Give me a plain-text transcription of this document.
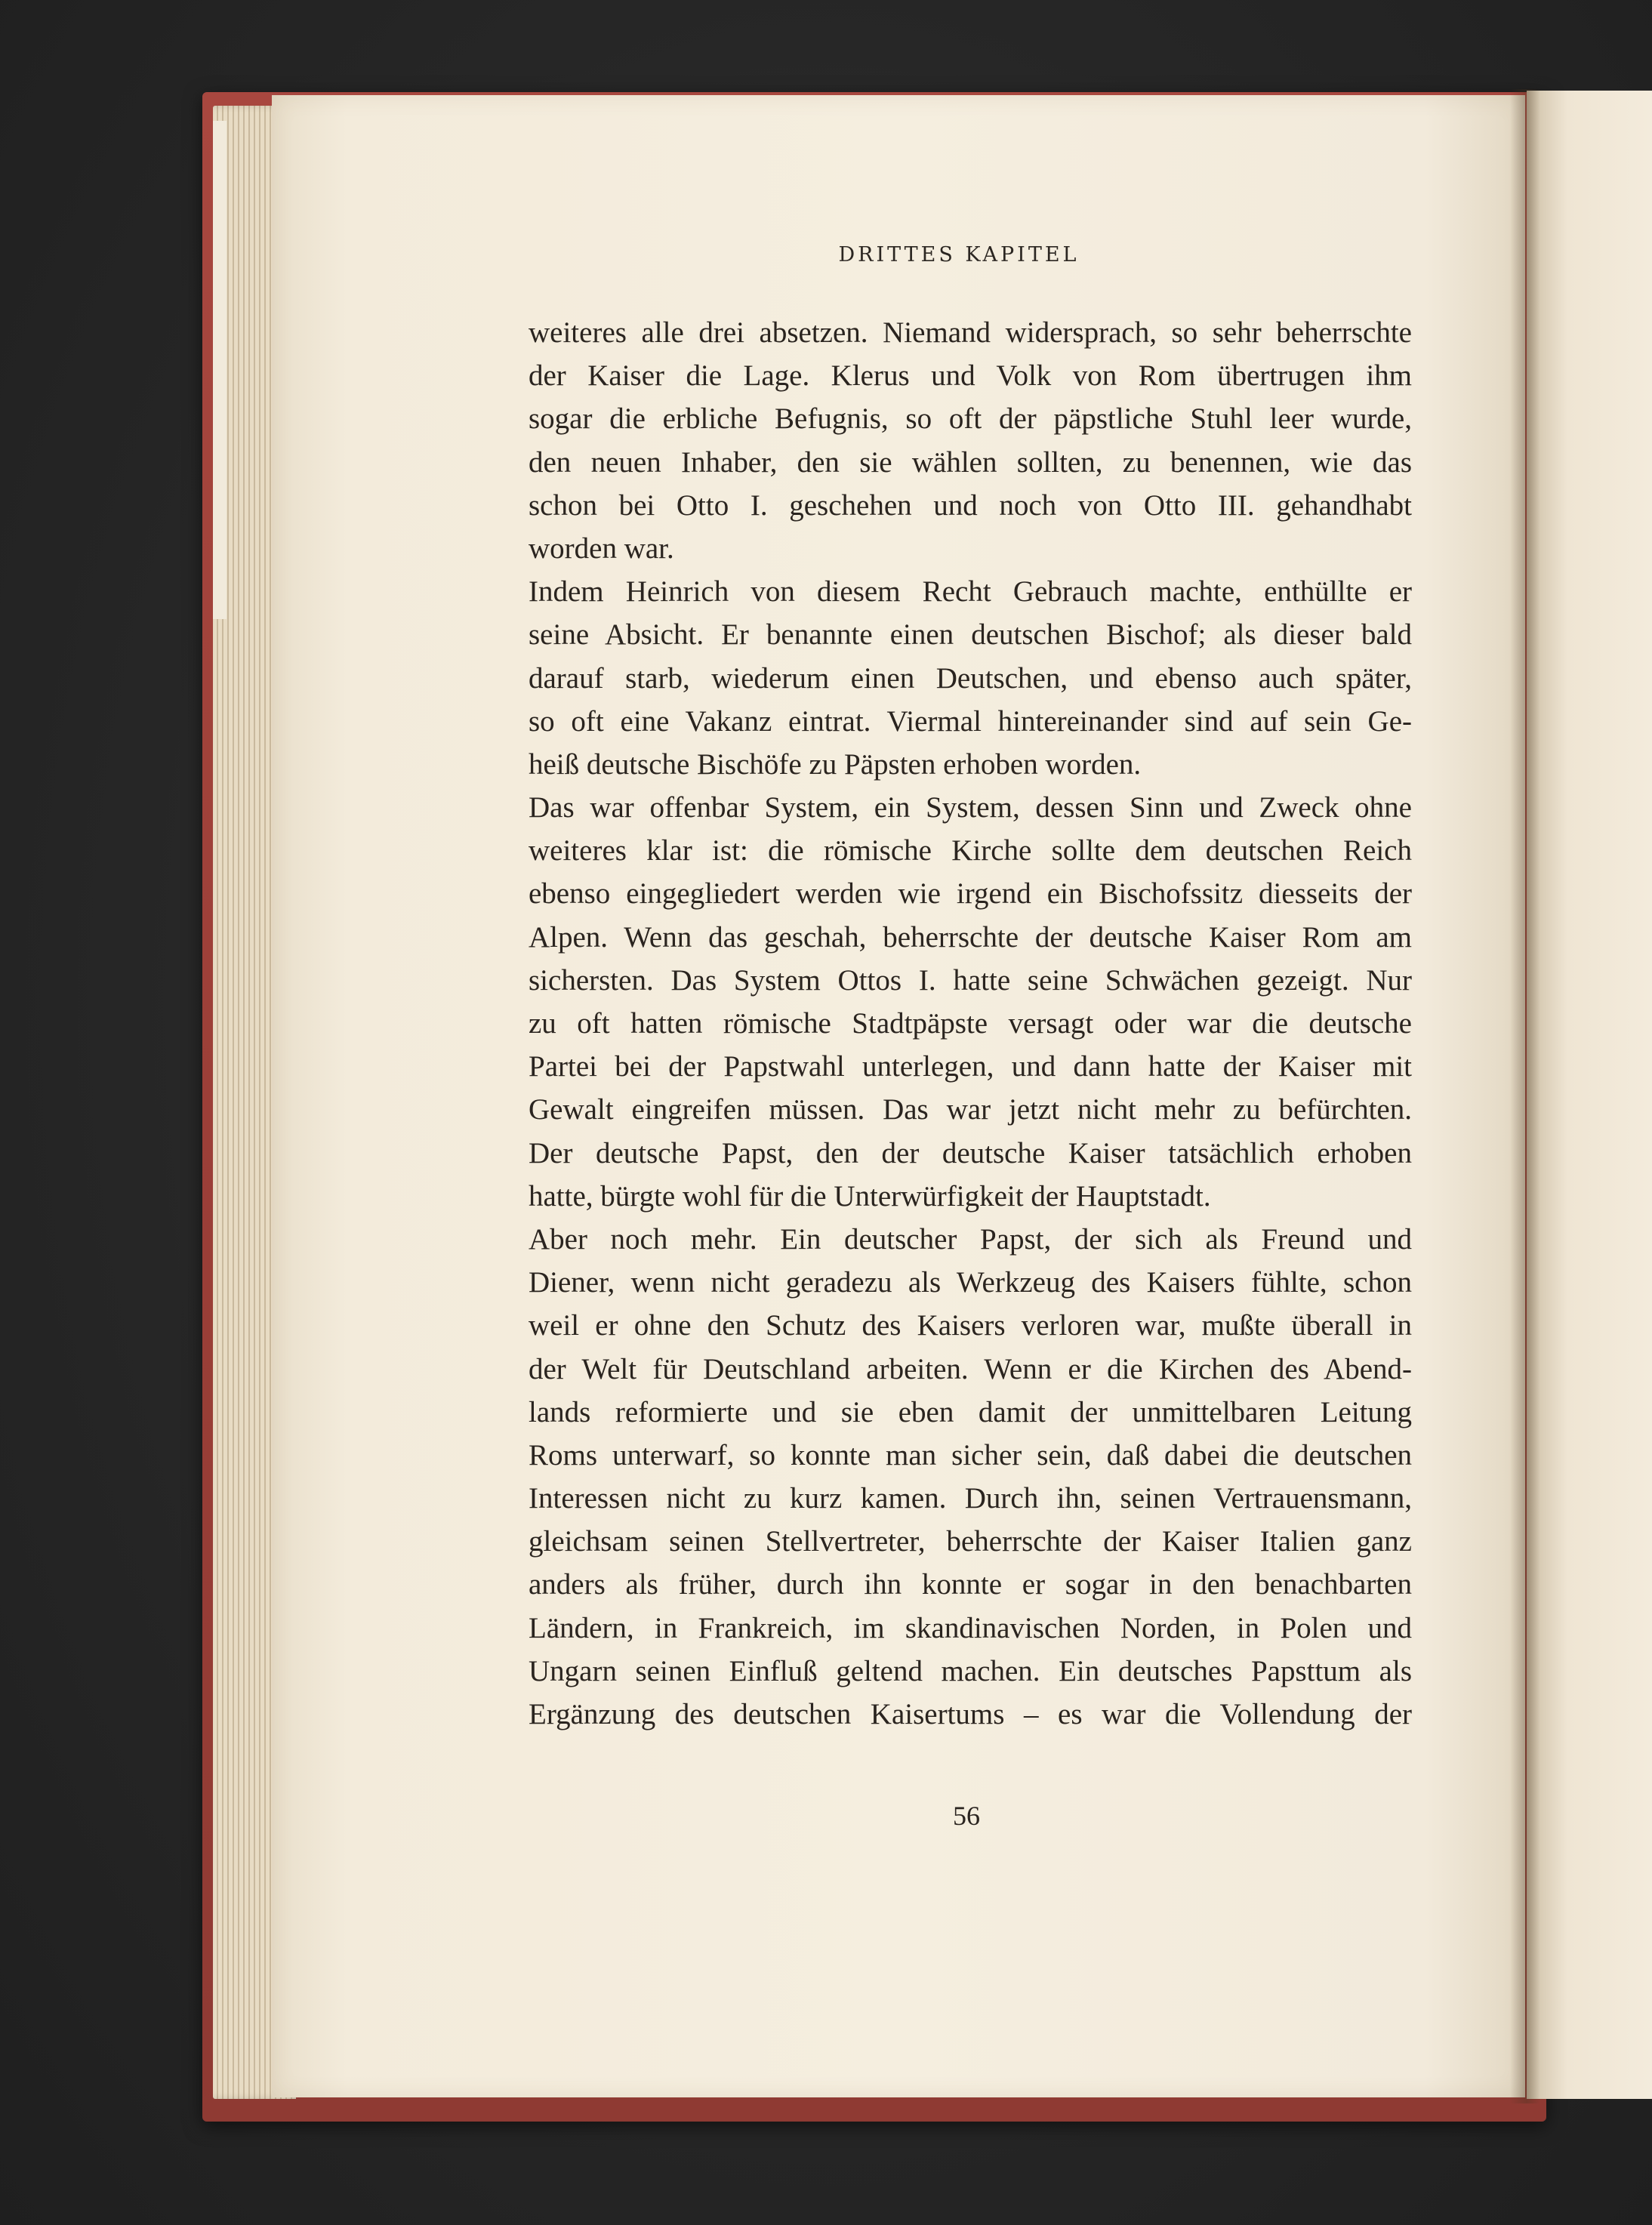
DRITTES KAPITEL
weiteres alle drei absetzen. Niemand widersprach, so sehr beherrschte
der Kaiser die Lage. Klerus und Volk von Rom übertrugen ihm
sogar die erbliche Befugnis, so oft der päpstliche Stuhl leer wurde,
den neuen Inhaber, den sie wählen sollten, zu benennen, wie das
schon bei Otto I. geschehen und noch von Otto III. gehandhabt
worden war.
Indem Heinrich von diesem Recht Gebrauch machte, enthüllte er
seine Absicht. Er benannte einen deutschen Bischof; als dieser bald
darauf starb, wiederum einen Deutschen, und ebenso auch später,
so oft eine Vakanz eintrat. Viermal hintereinander sind auf sein Ge-
heiß deutsche Bischöfe zu Päpsten erhoben worden.
Das war offenbar System, ein System, dessen Sinn und Zweck ohne
weiteres klar ist: die römische Kirche sollte dem deutschen Reich
ebenso eingegliedert werden wie irgend ein Bischofssitz diesseits der
Alpen. Wenn das geschah, beherrschte der deutsche Kaiser Rom am
sichersten. Das System Ottos I. hatte seine Schwächen gezeigt. Nur
zu oft hatten römische Stadtpäpste versagt oder war die deutsche
Partei bei der Papstwahl unterlegen, und dann hatte der Kaiser mit
Gewalt eingreifen müssen. Das war jetzt nicht mehr zu befürchten.
Der deutsche Papst, den der deutsche Kaiser tatsächlich erhoben
hatte, bürgte wohl für die Unterwürfigkeit der Hauptstadt.
Aber noch mehr. Ein deutscher Papst, der sich als Freund und
Diener, wenn nicht geradezu als Werkzeug des Kaisers fühlte, schon
weil er ohne den Schutz des Kaisers verloren war, mußte überall in
der Welt für Deutschland arbeiten. Wenn er die Kirchen des Abend-
lands reformierte und sie eben damit der unmittelbaren Leitung
Roms unterwarf, so konnte man sicher sein, daß dabei die deutschen
Interessen nicht zu kurz kamen. Durch ihn, seinen Vertrauensmann,
gleichsam seinen Stellvertreter, beherrschte der Kaiser Italien ganz
anders als früher, durch ihn konnte er sogar in den benachbarten
Ländern, in Frankreich, im skandinavischen Norden, in Polen und
Ungarn seinen Einfluß geltend machen. Ein deutsches Papsttum als
Ergänzung des deutschen Kaisertums – es war die Vollendung der
56
